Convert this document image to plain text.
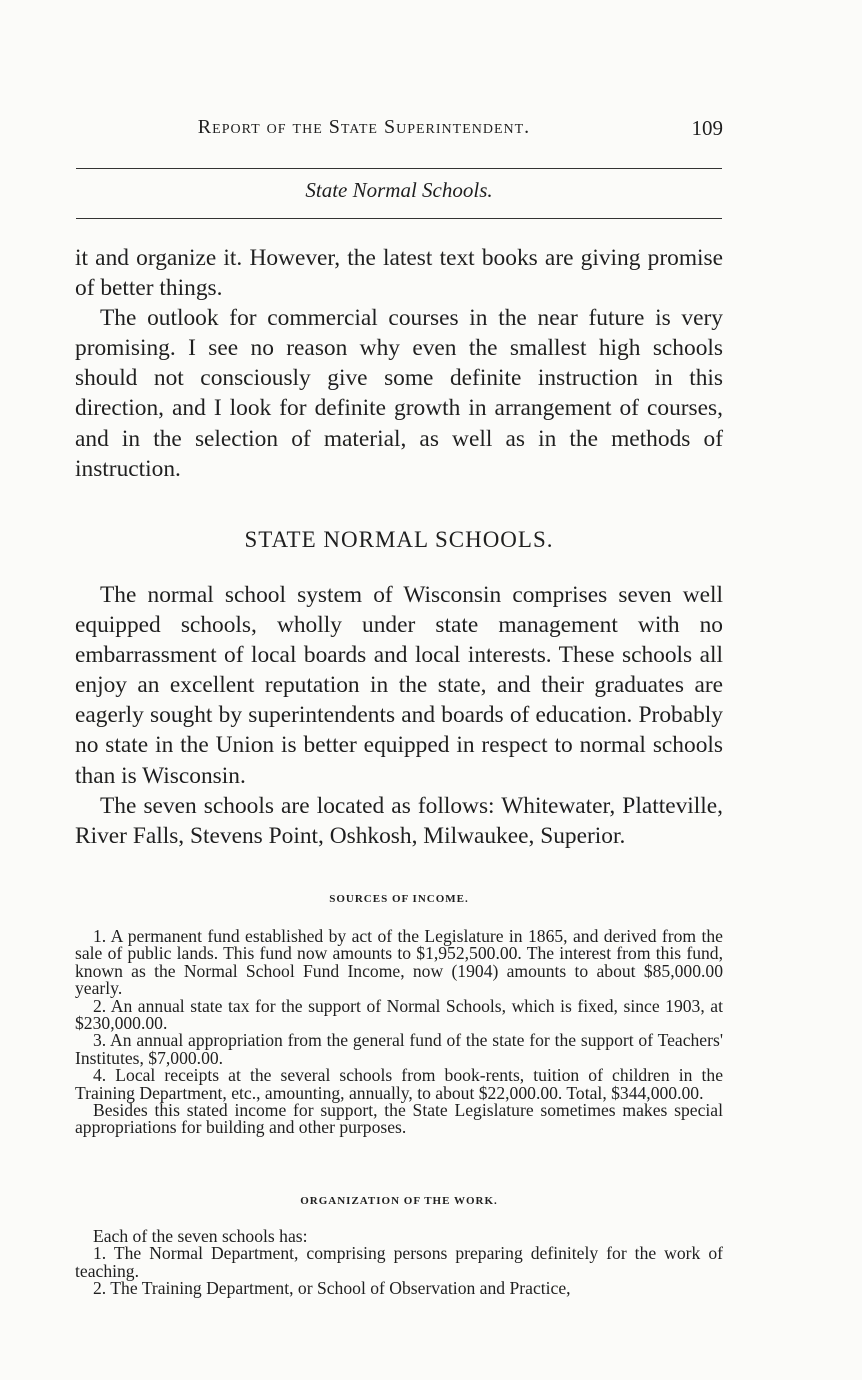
Report of the State Superintendent.	109
State Normal Schools.

it and organize it. However, the latest text books are giving promise of better things.

The outlook for commercial courses in the near future is very promising. I see no reason why even the smallest high schools should not consciously give some definite instruction in this direction, and I look for definite growth in arrangement of courses, and in the selection of material, as well as in the methods of instruction.

STATE NORMAL SCHOOLS.

The normal school system of Wisconsin comprises seven well equipped schools, wholly under state management with no embarrassment of local boards and local interests. These schools all enjoy an excellent reputation in the state, and their graduates are eagerly sought by superintendents and boards of education. Probably no state in the Union is better equipped in respect to normal schools than is Wisconsin.

The seven schools are located as follows: Whitewater, Platteville, River Falls, Stevens Point, Oshkosh, Milwaukee, Superior.

SOURCES OF INCOME.

1. A permanent fund established by act of the Legislature in 1865, and derived from the sale of public lands. This fund now amounts to $1,952,500.00. The interest from this fund, known as the Normal School Fund Income, now (1904) amounts to about $85,000.00 yearly.

2. An annual state tax for the support of Normal Schools, which is fixed, since 1903, at $230,000.00.

3. An annual appropriation from the general fund of the state for the support of Teachers' Institutes, $7,000.00.

4. Local receipts at the several schools from book-rents, tuition of children in the Training Department, etc., amounting, annually, to about $22,000.00. Total, $344,000.00.

Besides this stated income for support, the State Legislature sometimes makes special appropriations for building and other purposes.

ORGANIZATION OF THE WORK.

Each of the seven schools has:

1. The Normal Department, comprising persons preparing definitely for the work of teaching.

2. The Training Department, or School of Observation and Practice,
